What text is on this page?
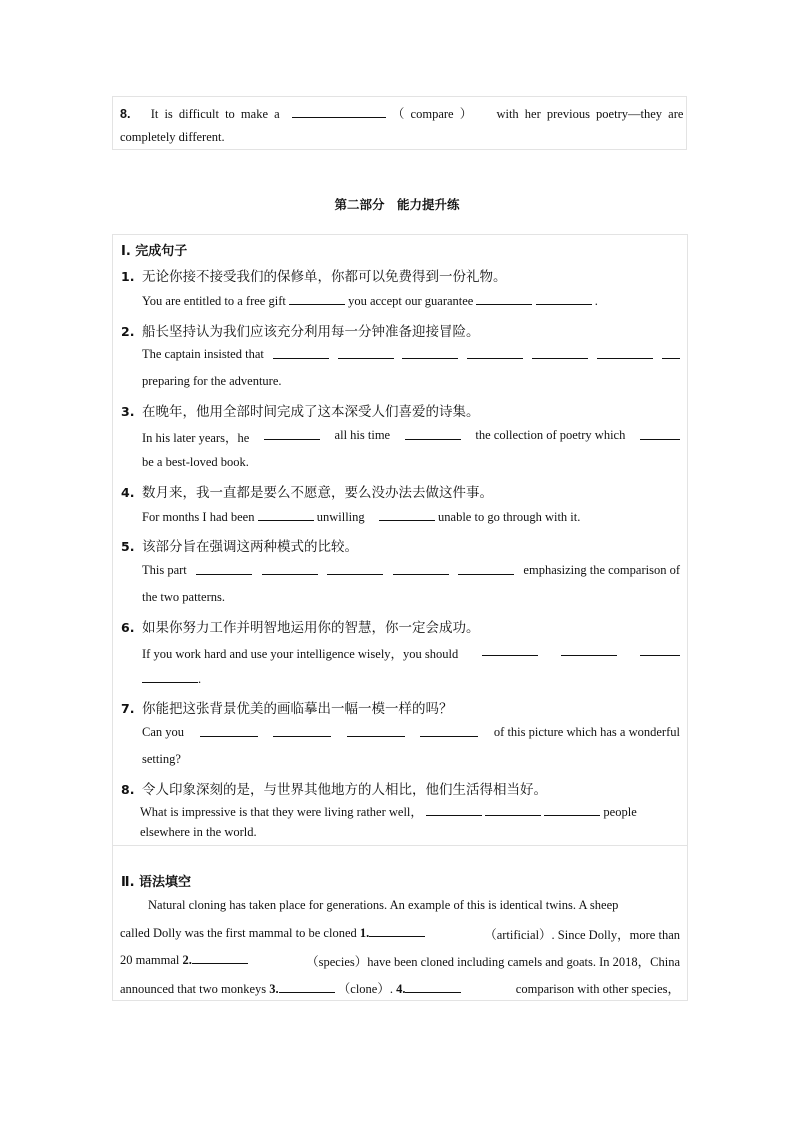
8. It is difficult to make a	（ compare ） with her previous poetry—they are
completely different.
第二部分　能力提升练
Ⅰ. 完成句子
1. 无论你接不接受我们的保修单，你都可以免费得到一份礼物。
You are entitled to a free gift	you accept our guarantee	.
2. 船长坚持认为我们应该充分利用每一分钟准备迎接冒险。
The captain insisted that
preparing for the adventure.
3. 在晚年，他用全部时间完成了这本深受人们喜爱的诗集。
In his later years，he	all his time	the collection of poetry which
be a best-loved book.
4. 数月来，我一直都是要么不愿意，要么没办法去做这件事。
For months I had been	unwilling	unable to go through with it.
5. 该部分旨在强调这两种模式的比较。
This part	emphasizing the comparison of
the two patterns.
6. 如果你努力工作并明智地运用你的智慧，你一定会成功。
If you work hard and use your intelligence wisely，you should
.
7. 你能把这张背景优美的画临摹出一幅一模一样的吗？
Can you	of this picture which has a wonderful
setting?
8. 令人印象深刻的是，与世界其他地方的人相比，他们生活得相当好。
What is impressive is that they were living rather well，	people
elsewhere in the world.
Ⅱ. 语法填空
Natural cloning has taken place for generations. An example of this is identical twins. A sheep
called Dolly was the first mammal to be cloned 1.	（artificial）. Since Dolly，more than
20 mammal 2.	（species）have been cloned including camels and goats. In 2018，China
announced that two monkeys 3.	（clone）. 4.	comparison with other species，
